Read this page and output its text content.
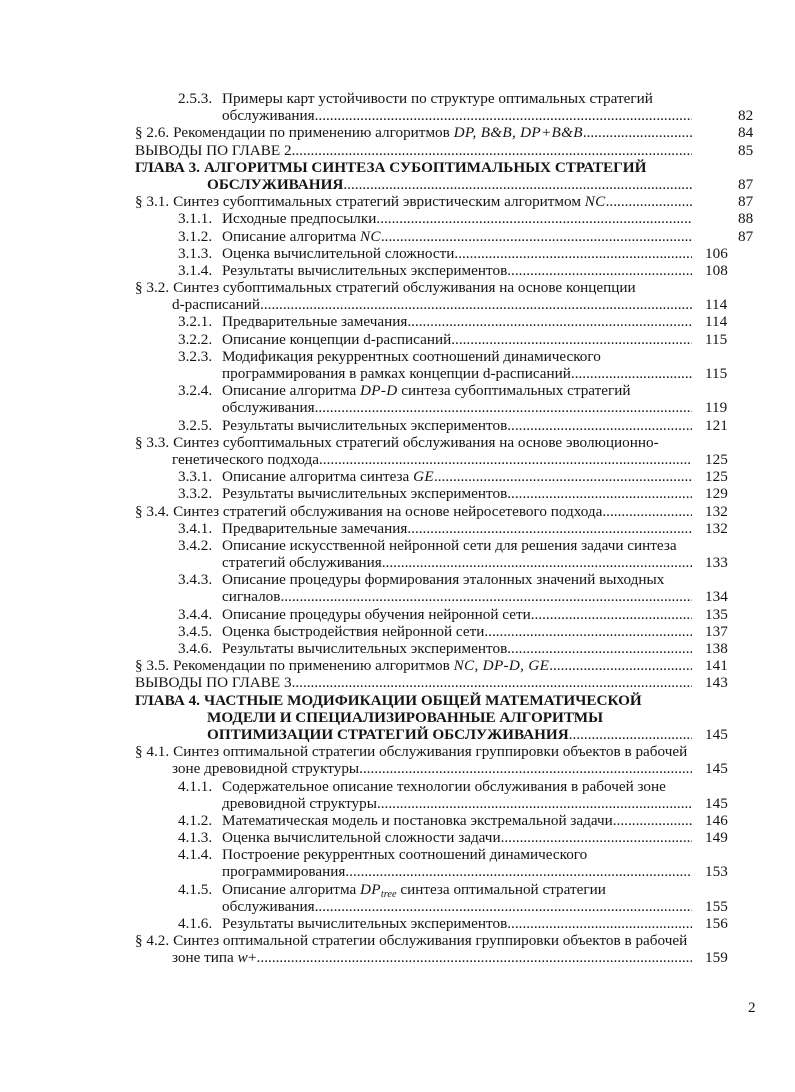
2.5.3. Примеры карт устойчивости по структуре оптимальных стратегий
обслуживания .....	82
§ 2.6. Рекомендации по применению алгоритмов DP, B&B, DP+B&B .....	84
ВЫВОДЫ ПО ГЛАВЕ 2 .....	85
ГЛАВА 3. АЛГОРИТМЫ СИНТЕЗА СУБОПТИМАЛЬНЫХ СТРАТЕГИЙ
ОБСЛУЖИВАНИЯ .....	87
§ 3.1. Синтез субоптимальных стратегий эвристическим алгоритмом NC .....	87
3.1.1. Исходные предпосылки .....	88
3.1.2. Описание алгоритма NC .....	87
3.1.3. Оценка вычислительной сложности .....	106
3.1.4. Результаты вычислительных экспериментов .....	108
§ 3.2. Синтез субоптимальных стратегий обслуживания на основе концепции
d-расписаний .....	114
3.2.1. Предварительные замечания .....	114
3.2.2. Описание концепции d-расписаний .....	115
3.2.3. Модификация рекуррентных соотношений динамического
программирования в рамках концепции d-расписаний .....	115
3.2.4. Описание алгоритма DP-D синтеза субоптимальных стратегий
обслуживания .....	119
3.2.5. Результаты вычислительных экспериментов .....	121
§ 3.3. Синтез субоптимальных стратегий обслуживания на основе эволюционно-
генетического подхода .....	125
3.3.1. Описание алгоритма синтеза GE .....	125
3.3.2. Результаты вычислительных экспериментов .....	129
§ 3.4. Синтез стратегий обслуживания на основе нейросетевого подхода .....	132
3.4.1. Предварительные замечания .....	132
3.4.2. Описание искусственной нейронной сети для решения задачи синтеза
стратегий обслуживания .....	133
3.4.3. Описание процедуры формирования эталонных значений выходных
сигналов .....	134
3.4.4. Описание процедуры обучения нейронной сети .....	135
3.4.5. Оценка быстродействия нейронной сети .....	137
3.4.6. Результаты вычислительных экспериментов .....	138
§ 3.5. Рекомендации по применению алгоритмов NC, DP-D, GE .....	141
ВЫВОДЫ ПО ГЛАВЕ 3 .....	143
ГЛАВА 4. ЧАСТНЫЕ МОДИФИКАЦИИ ОБЩЕЙ МАТЕМАТИЧЕСКОЙ
МОДЕЛИ И СПЕЦИАЛИЗИРОВАННЫЕ АЛГОРИТМЫ
ОПТИМИЗАЦИИ СТРАТЕГИЙ ОБСЛУЖИВАНИЯ .....	145
§ 4.1. Синтез оптимальной стратегии обслуживания группировки объектов в рабочей
зоне древовидной структуры .....	145
4.1.1. Содержательное описание технологии обслуживания в рабочей зоне
древовидной структуры .....	145
4.1.2. Математическая модель и постановка экстремальной задачи .....	146
4.1.3. Оценка вычислительной сложности задачи .....	149
4.1.4. Построение рекуррентных соотношений динамического
программирования .....	153
4.1.5. Описание алгоритма DPtree синтеза оптимальной стратегии
обслуживания .....	155
4.1.6. Результаты вычислительных экспериментов .....	156
§ 4.2. Синтез оптимальной стратегии обслуживания группировки объектов в рабочей
зоне типа w+ .....	159
2
